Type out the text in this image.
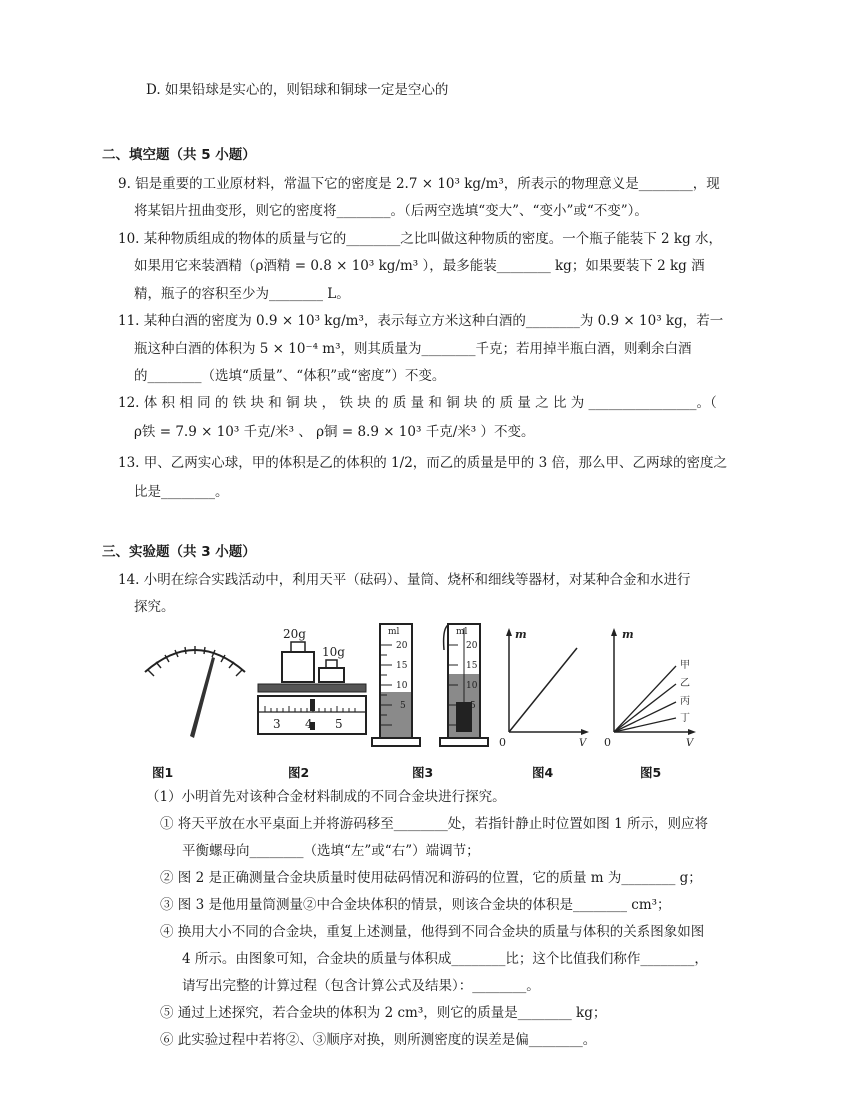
D. 如果铅球是实心的，则铝球和铜球一定是空心的
二、填空题（共 5 小题）
9. 铝是重要的工业原材料，常温下它的密度是 2.7 × 10³ kg/m³，所表示的物理意义是________，现
将某铝片扭曲变形，则它的密度将________。（后两空选填“变大”、“变小”或“不变”）。
10. 某种物质组成的物体的质量与它的________之比叫做这种物质的密度。一个瓶子能装下 2 kg 水，
如果用它来装酒精（ρ酒精 = 0.8 × 10³ kg/m³ ），最多能装________ kg；如果要装下 2 kg 酒
精，瓶子的容积至少为________ L。
11. 某种白酒的密度为 0.9 × 10³ kg/m³，表示每立方米这种白酒的________为 0.9 × 10³ kg，若一
瓶这种白酒的体积为 5 × 10⁻⁴ m³，则其质量为________千克；若用掉半瓶白酒，则剩余白酒
的________（选填“质量”、“体积”或“密度”）不变。
12. 体 积 相 同 的 铁 块 和 铜 块 ， 铁 块 的 质 量 和 铜 块 的 质 量 之 比 为 ________________。（
ρ铁 = 7.9 × 10³ 千克/米³ 、 ρ铜 = 8.9 × 10³ 千克/米³ ）不变。
13. 甲、乙两实心球，甲的体积是乙的体积的 1/2，而乙的质量是甲的 3 倍，那么甲、乙两球的密度之
比是________。
三、实验题（共 3 小题）
14. 小明在综合实践活动中，利用天平（砝码）、量筒、烧杯和细线等器材，对某种合金和水进行
探究。
20g
10g
3 4 5
ml
20
15
10
5
ml
20
15
10
5
m
V
0
m
V
0
甲
乙
丙
丁
图1	图2	图3	图4	图5
（1）小明首先对该种合金材料制成的不同合金块进行探究。
① 将天平放在水平桌面上并将游码移至________处，若指针静止时位置如图 1 所示，则应将
平衡螺母向________（选填“左”或“右”）端调节；
② 图 2 是正确测量合金块质量时使用砝码情况和游码的位置，它的质量 m 为________ g；
③ 图 3 是他用量筒测量②中合金块体积的情景，则该合金块的体积是________ cm³；
④ 换用大小不同的合金块，重复上述测量，他得到不同合金块的质量与体积的关系图象如图
4 所示。由图象可知，合金块的质量与体积成________比；这个比值我们称作________，
请写出完整的计算过程（包含计算公式及结果）：________。
⑤ 通过上述探究，若合金块的体积为 2 cm³，则它的质量是________ kg；
⑥ 此实验过程中若将②、③顺序对换，则所测密度的误差是偏________。
